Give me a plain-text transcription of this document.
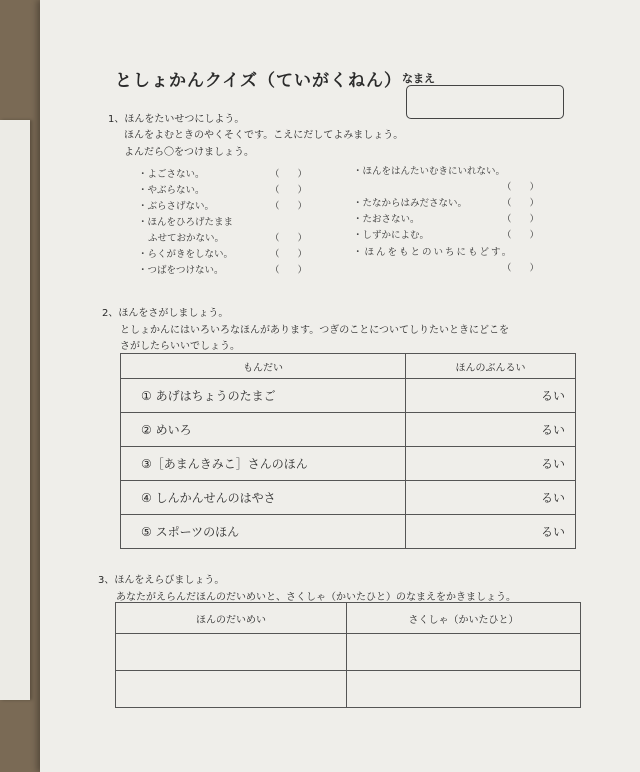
としょかんクイズ（ていがくねん） なまえ
1、ほんをたいせつにしよう。
ほんをよむときのやくそくです。こえにだしてよみましょう。
よんだら〇をつけましょう。
・よごさない。	（）
・やぶらない。	（）
・ぶらさげない。	（）
・ほんをひろげたまま
ふせておかない。	（）
・らくがきをしない。	（）
・つばをつけない。	（）
・ほんをはんたいむきにいれない。
（）
・たなからはみださない。	（）
・たおさない。	（）
・しずかによむ。	（）
・ほんをもとのいちにもどす。
（）
2、ほんをさがしましょう。
としょかんにはいろいろなほんがあります。つぎのことについてしりたいときにどこを
さがしたらいいでしょう。
もんだい	ほんのぶんるい
① あげはちょうのたまご	るい
② めいろ	るい
③［あまんきみこ］さんのほん	るい
④ しんかんせんのはやさ	るい
⑤ スポーツのほん	るい
3、ほんをえらびましょう。
あなたがえらんだほんのだいめいと、さくしゃ（かいたひと）のなまえをかきましょう。
ほんのだいめい	さくしゃ（かいたひと）
